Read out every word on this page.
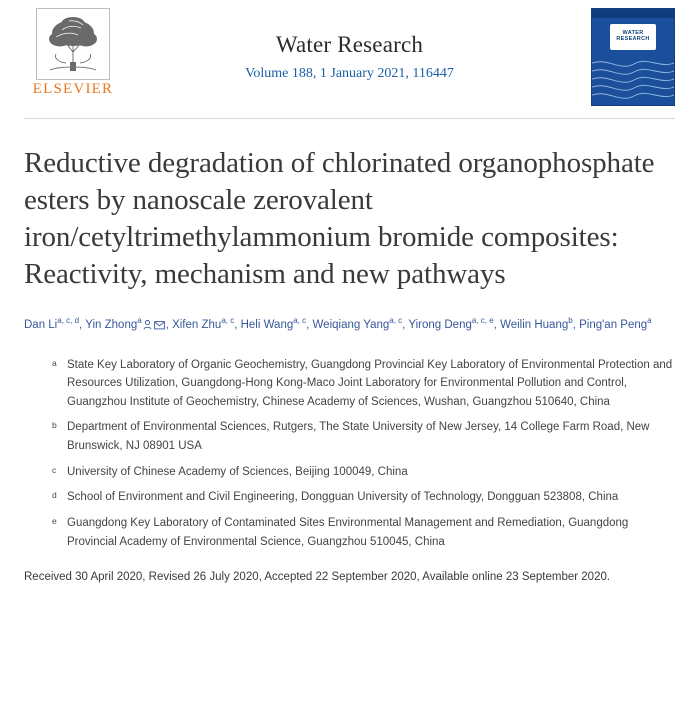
ELSEVIER
Water Research
Volume 188, 1 January 2021, 116447
WATER
RESEARCH
Reductive degradation of chlorinated organophosphate esters by nanoscale zerovalent iron/cetyltrimethylammonium bromide composites: Reactivity, mechanism and new pathways
Dan Li$^{a, c, d}$, Yin Zhong$^a$ , Xifen Zhu$^{a, c}$, Heli Wang$^{a, c}$, Weiqiang Yang$^{a, c}$, Yirong Deng$^{a, c, e}$, Weilin Huang$^b$, Ping'an Peng$^a$
a State Key Laboratory of Organic Geochemistry, Guangdong Provincial Key Laboratory of Environmental Protection and Resources Utilization, Guangdong-Hong Kong-Maco Joint Laboratory for Environmental Pollution and Control, Guangzhou Institute of Geochemistry, Chinese Academy of Sciences, Wushan, Guangzhou 510640, China
b Department of Environmental Sciences, Rutgers, The State University of New Jersey, 14 College Farm Road, New Brunswick, NJ 08901 USA
c University of Chinese Academy of Sciences, Beijing 100049, China
d School of Environment and Civil Engineering, Dongguan University of Technology, Dongguan 523808, China
e Guangdong Key Laboratory of Contaminated Sites Environmental Management and Remediation, Guangdong Provincial Academy of Environmental Science, Guangzhou 510045, China
Received 30 April 2020, Revised 26 July 2020, Accepted 22 September 2020, Available online 23 September 2020.
